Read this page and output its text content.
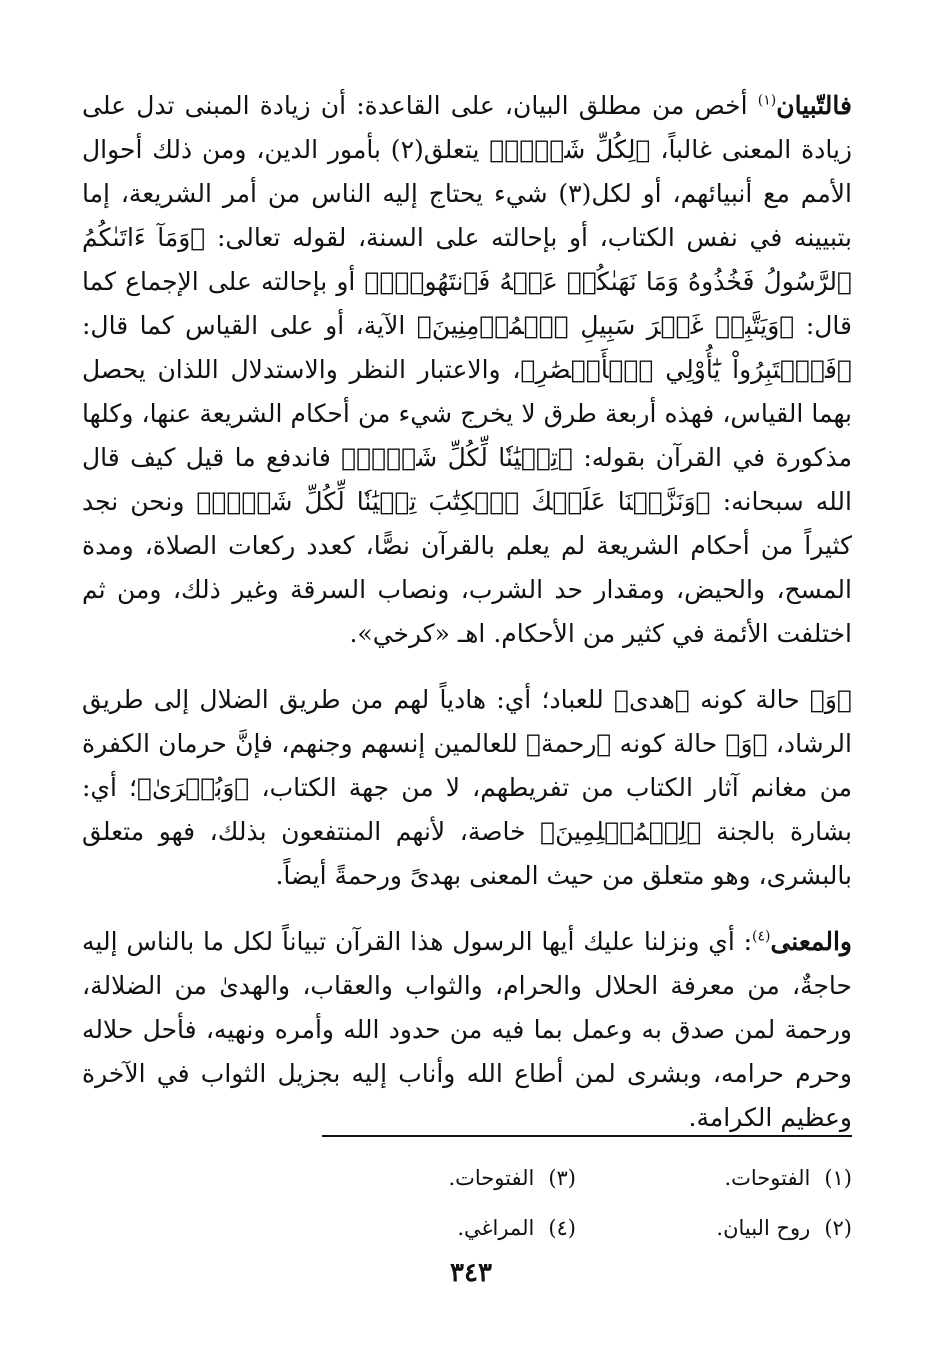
فالتّبيان$^{(١)}$ أخص من مطلق البيان، على القاعدة: أن زيادة المبنى تدل على زيادة المعنى غالباً، ﴿لِكُلِّ شَيۡءٖ﴾ يتعلق(٢) بأمور الدين، ومن ذلك أحوال الأمم مع أنبيائهم، أو لكل(٣) شيء يحتاج إليه الناس من أمر الشريعة، إما بتبيينه في نفس الكتاب، أو بإحالته على السنة، لقوله تعالى: ﴿وَمَآ ءَاتَىٰكُمُ ٱلرَّسُولُ فَخُذُوهُ وَمَا نَهَىٰكُمۡ عَنۡهُ فَٱنتَهُواْۚ﴾ أو بإحالته على الإجماع كما قال: ﴿وَيَتَّبِعۡ غَيۡرَ سَبِيلِ ٱلۡمُؤۡمِنِينَ﴾ الآية، أو على القياس كما قال: ﴿فَٱعۡتَبِرُواْ يَٰٓأُوْلِي ٱلۡأَبۡصَٰرِ﴾، والاعتبار النظر والاستدلال اللذان يحصل بهما القياس، فهذه أربعة طرق لا يخرج شيء من أحكام الشريعة عنها، وكلها مذكورة في القرآن بقوله: ﴿تِبۡيَٰنٗا لِّكُلِّ شَيۡءٖ﴾ فاندفع ما قيل كيف قال الله سبحانه: ﴿وَنَزَّلۡنَا عَلَيۡكَ ٱلۡكِتَٰبَ تِبۡيَٰنٗا لِّكُلِّ شَيۡءٖ﴾ ونحن نجد كثيراً من أحكام الشريعة لم يعلم بالقرآن نصًّا، كعدد ركعات الصلاة، ومدة المسح، والحيض، ومقدار حد الشرب، ونصاب السرقة وغير ذلك، ومن ثم اختلفت الأئمة في كثير من الأحكام. اهـ «كرخي».

﴿وَ﴾ حالة كونه ﴿هدى﴾ للعباد؛ أي: هادياً لهم من طريق الضلال إلى طريق الرشاد، ﴿وَ﴾ حالة كونه ﴿رحمة﴾ للعالمين إنسهم وجنهم، فإنَّ حرمان الكفرة من مغانم آثار الكتاب من تفريطهم، لا من جهة الكتاب، ﴿وَبُشۡرَىٰ﴾؛ أي: بشارة بالجنة ﴿لِلۡمُسۡلِمِينَ﴾ خاصة، لأنهم المنتفعون بذلك، فهو متعلق بالبشرى، وهو متعلق من حيث المعنى بهدىً ورحمةً أيضاً.

والمعنى$^{(٤)}$: أي ونزلنا عليك أيها الرسول هذا القرآن تبياناً لكل ما بالناس إليه حاجةٌ، من معرفة الحلال والحرام، والثواب والعقاب، والهدىٰ من الضلالة، ورحمة لمن صدق به وعمل بما فيه من حدود الله وأمره ونهيه، فأحل حلاله وحرم حرامه، وبشرى لمن أطاع الله وأناب إليه بجزيل الثواب في الآخرة وعظيم الكرامة.

(١)الفتوحات.
(٣)الفتوحات.
(٢)روح البيان.
(٤)المراغي.
٣٤٣
